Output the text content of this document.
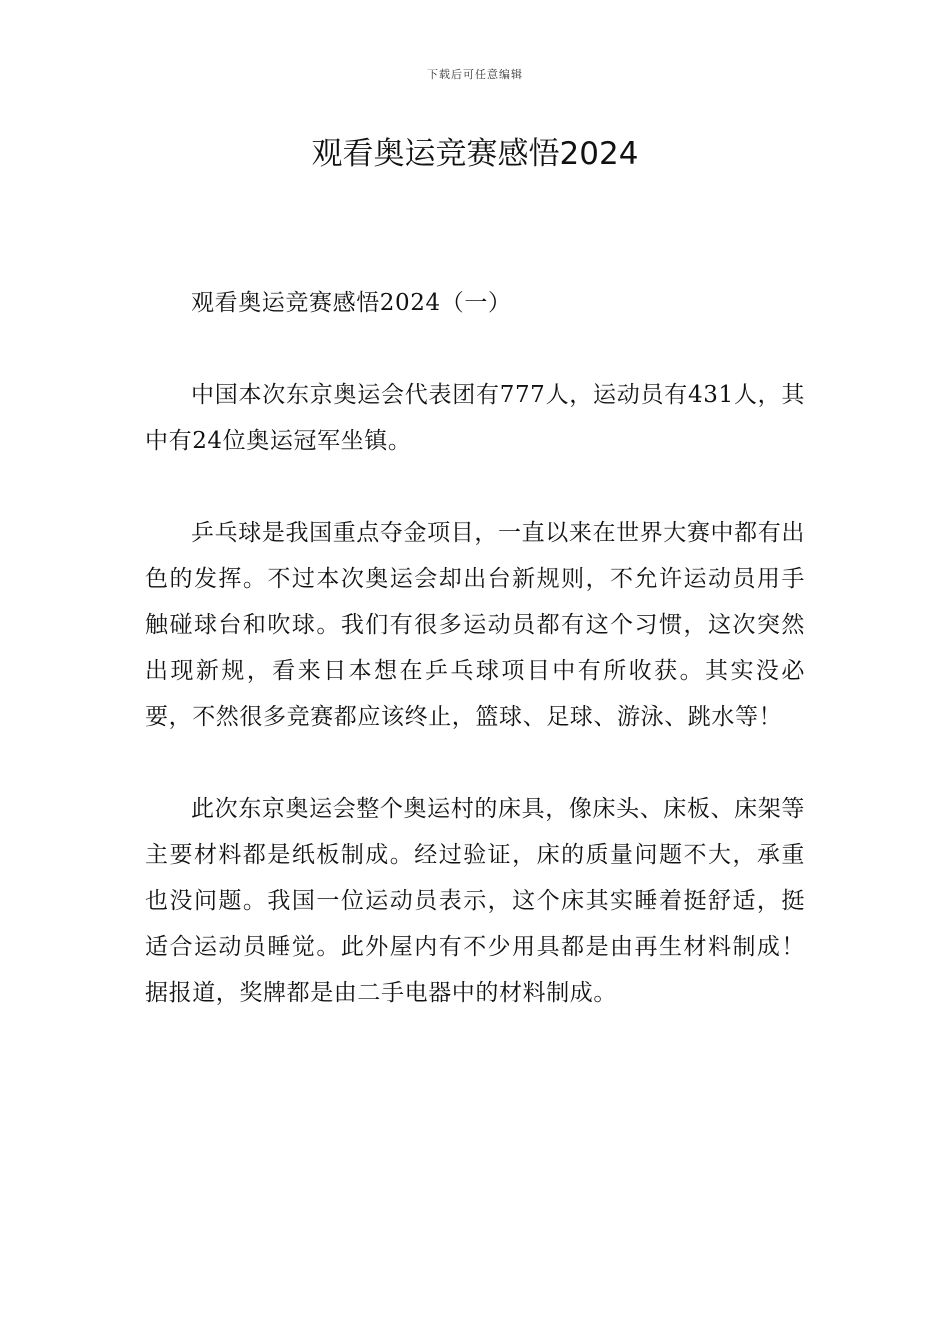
下载后可任意编辑
观看奥运竞赛感悟2024

观看奥运竞赛感悟2024（一）

中国本次东京奥运会代表团有777人，运动员有431人，其中有24位奥运冠军坐镇。

乒乓球是我国重点夺金项目，一直以来在世界大赛中都有出色的发挥。不过本次奥运会却出台新规则，不允许运动员用手触碰球台和吹球。我们有很多运动员都有这个习惯，这次突然出现新规，看来日本想在乒乓球项目中有所收获。其实没必要，不然很多竞赛都应该终止，篮球、足球、游泳、跳水等！

此次东京奥运会整个奥运村的床具，像床头、床板、床架等主要材料都是纸板制成。经过验证，床的质量问题不大，承重也没问题。我国一位运动员表示，这个床其实睡着挺舒适，挺适合运动员睡觉。此外屋内有不少用具都是由再生材料制成！据报道，奖牌都是由二手电器中的材料制成。
